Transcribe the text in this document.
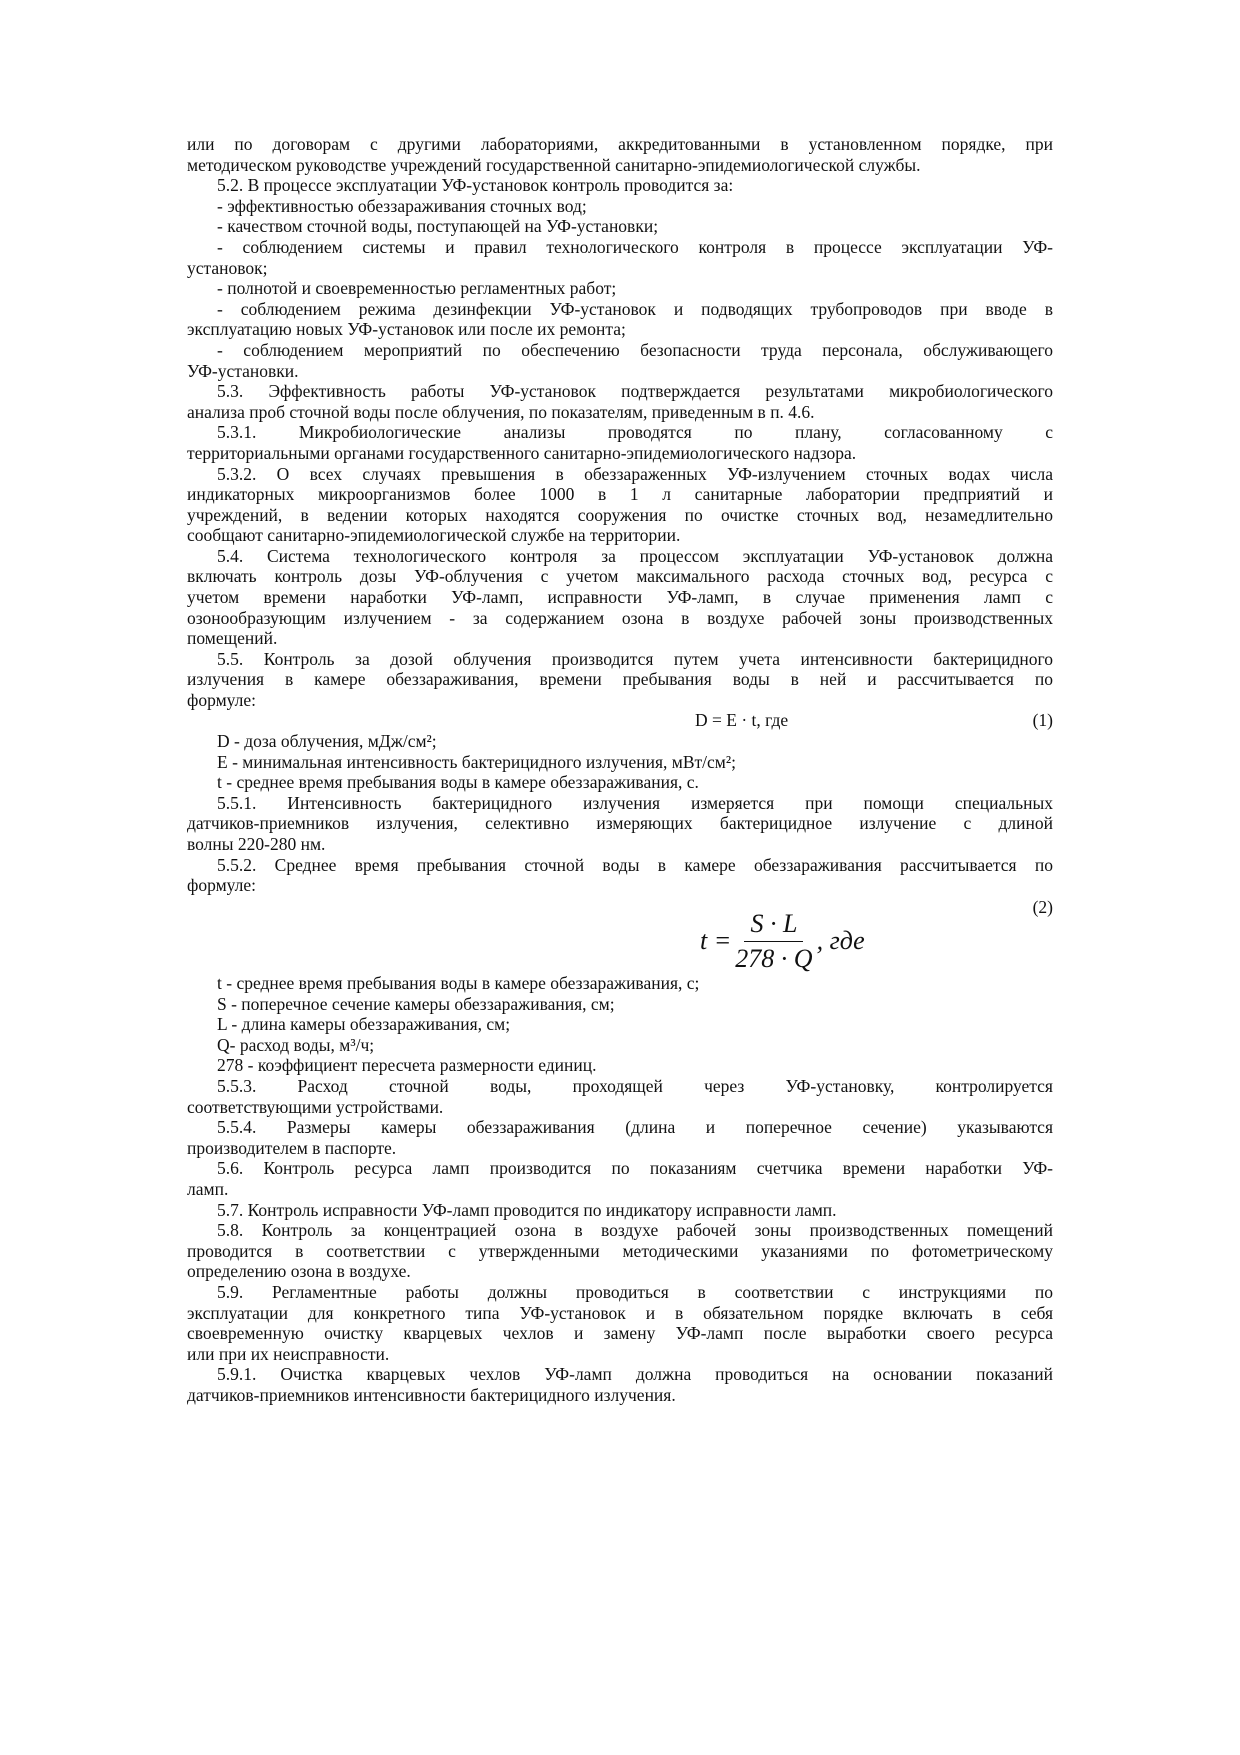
или по договорам с другими лабораториями, аккредитованными в установленном порядке, при
методическом руководстве учреждений государственной санитарно-эпидемиологической службы.
5.2. В процессе эксплуатации УФ-установок контроль проводится за:
- эффективностью обеззараживания сточных вод;
- качеством сточной воды, поступающей на УФ-установки;
- соблюдением системы и правил технологического контроля в процессе эксплуатации УФ-
установок;
- полнотой и своевременностью регламентных работ;
- соблюдением режима дезинфекции УФ-установок и подводящих трубопроводов при вводе в
эксплуатацию новых УФ-установок или после их ремонта;
- соблюдением мероприятий по обеспечению безопасности труда персонала, обслуживающего
УФ-установки.
5.3. Эффективность работы УФ-установок подтверждается результатами микробиологического
анализа проб сточной воды после облучения, по показателям, приведенным в п. 4.6.
5.3.1. Микробиологические анализы проводятся по плану, согласованному с
территориальными органами государственного санитарно-эпидемиологического надзора.
5.3.2. О всех случаях превышения в обеззараженных УФ-излучением сточных водах числа
индикаторных микроорганизмов более 1000 в 1 л санитарные лаборатории предприятий и
учреждений, в ведении которых находятся сооружения по очистке сточных вод, незамедлительно
сообщают санитарно-эпидемиологической службе на территории.
5.4. Система технологического контроля за процессом эксплуатации УФ-установок должна
включать контроль дозы УФ-облучения с учетом максимального расхода сточных вод, ресурса с
учетом времени наработки УФ-ламп, исправности УФ-ламп, в случае применения ламп с
озонообразующим излучением - за содержанием озона в воздухе рабочей зоны производственных
помещений.
5.5. Контроль за дозой облучения производится путем учета интенсивности бактерицидного
излучения в камере обеззараживания, времени пребывания воды в ней и рассчитывается по
формуле:
D = E · t, где	(1)
D - доза облучения, мДж/см²;
E - минимальная интенсивность бактерицидного излучения, мВт/см²;
t - среднее время пребывания воды в камере обеззараживания, с.
5.5.1. Интенсивность бактерицидного излучения измеряется при помощи специальных
датчиков-приемников излучения, селективно измеряющих бактерицидное излучение с длиной
волны 220-280 нм.
5.5.2. Среднее время пребывания сточной воды в камере обеззараживания рассчитывается по
формуле:
(2)
$t = \frac{S \cdot L}{278 \cdot Q}$ , где
t - среднее время пребывания воды в камере обеззараживания, с;
S - поперечное сечение камеры обеззараживания, см;
L - длина камеры обеззараживания, см;
Q- расход воды, м³/ч;
278 - коэффициент пересчета размерности единиц.
5.5.3. Расход сточной воды, проходящей через УФ-установку, контролируется
соответствующими устройствами.
5.5.4. Размеры камеры обеззараживания (длина и поперечное сечение) указываются
производителем в паспорте.
5.6. Контроль ресурса ламп производится по показаниям счетчика времени наработки УФ-
ламп.
5.7. Контроль исправности УФ-ламп проводится по индикатору исправности ламп.
5.8. Контроль за концентрацией озона в воздухе рабочей зоны производственных помещений
проводится в соответствии с утвержденными методическими указаниями по фотометрическому
определению озона в воздухе.
5.9. Регламентные работы должны проводиться в соответствии с инструкциями по
эксплуатации для конкретного типа УФ-установок и в обязательном порядке включать в себя
своевременную очистку кварцевых чехлов и замену УФ-ламп после выработки своего ресурса
или при их неисправности.
5.9.1. Очистка кварцевых чехлов УФ-ламп должна проводиться на основании показаний
датчиков-приемников интенсивности бактерицидного излучения.
